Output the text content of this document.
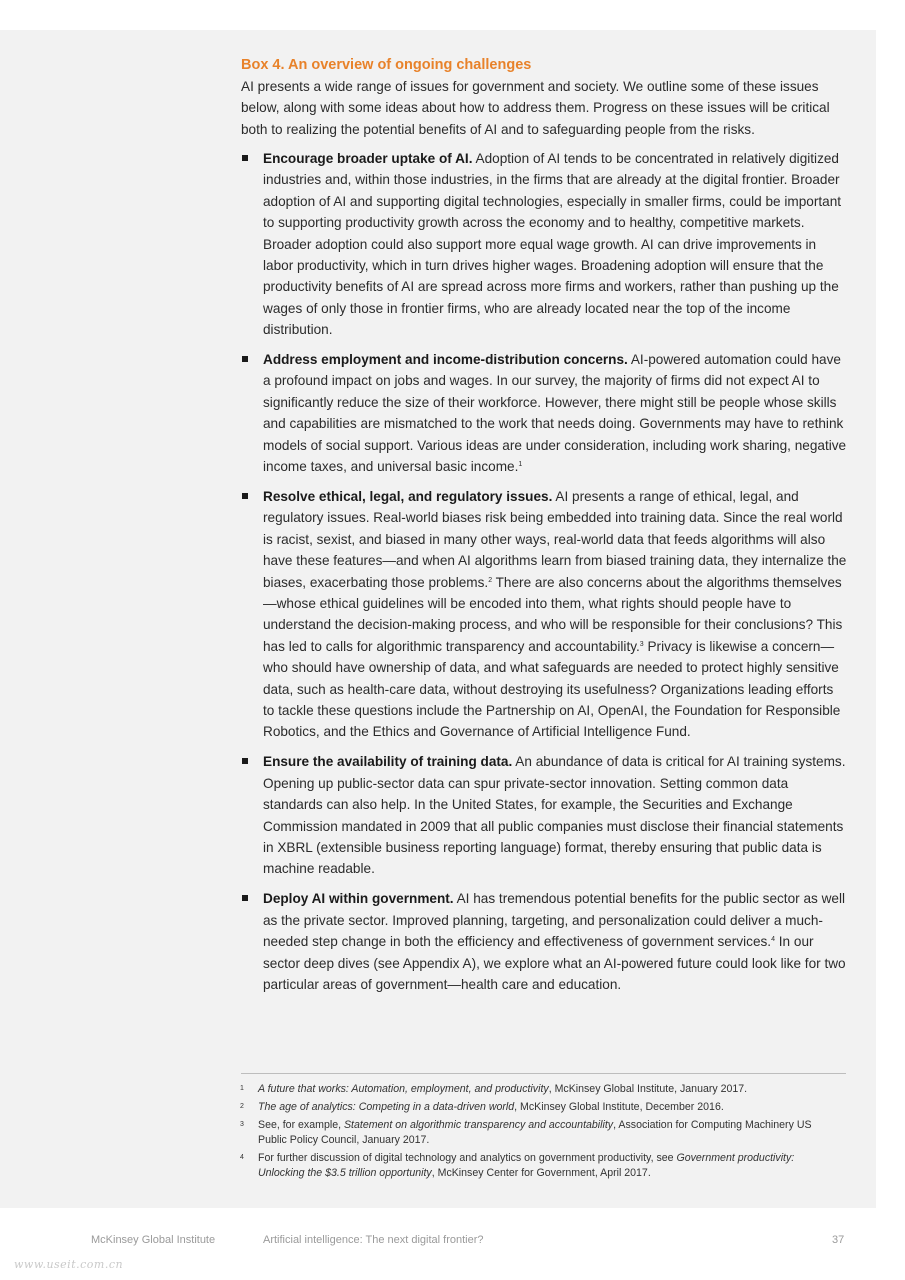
Box 4. An overview of ongoing challenges

AI presents a wide range of issues for government and society. We outline some of these issues below, along with some ideas about how to address them. Progress on these issues will be critical both to realizing the potential benefits of AI and to safeguarding people from the risks.

Encourage broader uptake of AI. Adoption of AI tends to be concentrated in relatively digitized industries and, within those industries, in the firms that are already at the digital frontier. Broader adoption of AI and supporting digital technologies, especially in smaller firms, could be important to supporting productivity growth across the economy and to healthy, competitive markets. Broader adoption could also support more equal wage growth. AI can drive improvements in labor productivity, which in turn drives higher wages. Broadening adoption will ensure that the productivity benefits of AI are spread across more firms and workers, rather than pushing up the wages of only those in frontier firms, who are already located near the top of the income distribution.
Address employment and income-distribution concerns. AI-powered automation could have a profound impact on jobs and wages. In our survey, the majority of firms did not expect AI to significantly reduce the size of their workforce. However, there might still be people whose skills and capabilities are mismatched to the work that needs doing. Governments may have to rethink models of social support. Various ideas are under consideration, including work sharing, negative income taxes, and universal basic income.$^1$
Resolve ethical, legal, and regulatory issues. AI presents a range of ethical, legal, and regulatory issues. Real-world biases risk being embedded into training data. Since the real world is racist, sexist, and biased in many other ways, real-world data that feeds algorithms will also have these features—and when AI algorithms learn from biased training data, they internalize the biases, exacerbating those problems.$^2$ There are also concerns about the algorithms themselves—whose ethical guidelines will be encoded into them, what rights should people have to understand the decision-making process, and who will be responsible for their conclusions? This has led to calls for algorithmic transparency and accountability.$^3$ Privacy is likewise a concern—who should have ownership of data, and what safeguards are needed to protect highly sensitive data, such as health-care data, without destroying its usefulness? Organizations leading efforts to tackle these questions include the Partnership on AI, OpenAI, the Foundation for Responsible Robotics, and the Ethics and Governance of Artificial Intelligence Fund.
Ensure the availability of training data. An abundance of data is critical for AI training systems. Opening up public-sector data can spur private-sector innovation. Setting common data standards can also help. In the United States, for example, the Securities and Exchange Commission mandated in 2009 that all public companies must disclose their financial statements in XBRL (extensible business reporting language) format, thereby ensuring that public data is machine readable.
Deploy AI within government. AI has tremendous potential benefits for the public sector as well as the private sector. Improved planning, targeting, and personalization could deliver a much-needed step change in both the efficiency and effectiveness of government services.$^4$ In our sector deep dives (see Appendix A), we explore what an AI-powered future could look like for two particular areas of government—health care and education.
1 A future that works: Automation, employment, and productivity, McKinsey Global Institute, January 2017.
2 The age of analytics: Competing in a data-driven world, McKinsey Global Institute, December 2016.
3 See, for example, Statement on algorithmic transparency and accountability, Association for Computing Machinery US Public Policy Council, January 2017.
4 For further discussion of digital technology and analytics on government productivity, see Government productivity: Unlocking the $3.5 trillion opportunity, McKinsey Center for Government, April 2017.
McKinsey Global Institute	Artificial intelligence: The next digital frontier?	37
www.useit.com.cn
